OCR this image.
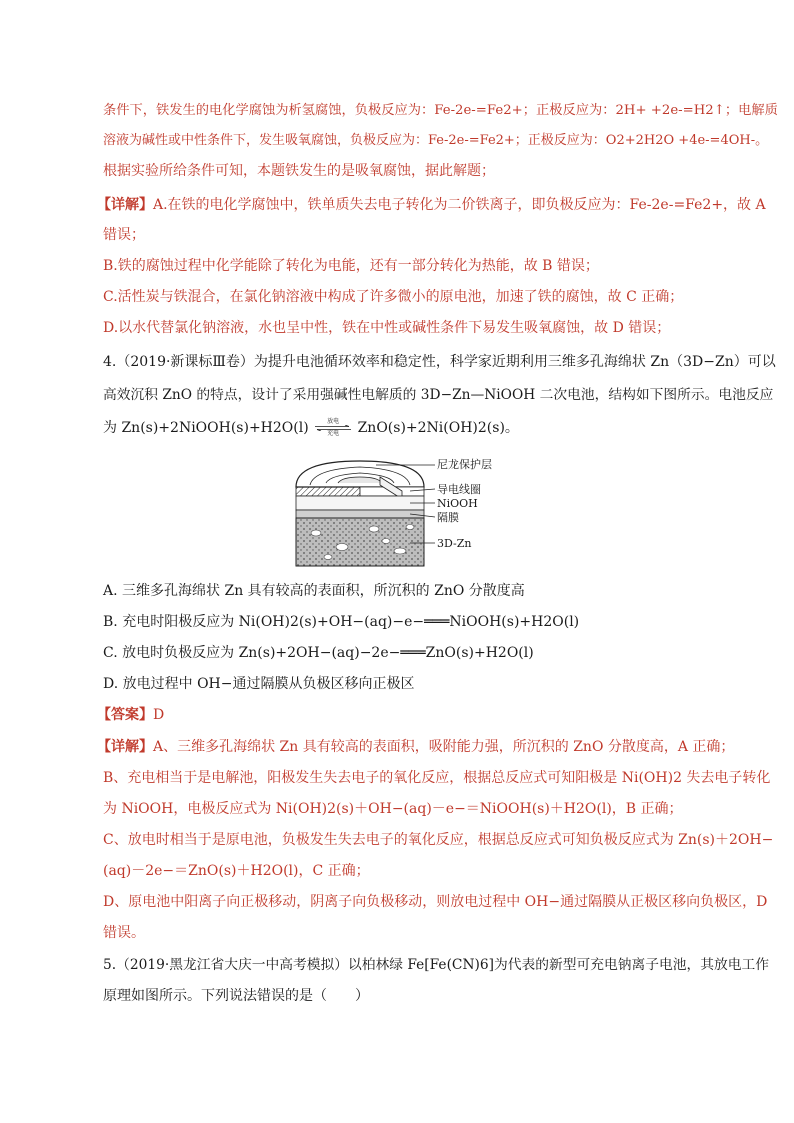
条件下，铁发生的电化学腐蚀为析氢腐蚀，负极反应为：Fe-2e-=Fe2+；正极反应为：2H+ +2e-=H2↑；电解质
溶液为碱性或中性条件下，发生吸氧腐蚀，负极反应为：Fe-2e-=Fe2+；正极反应为：O2+2H2O +4e-=4OH-。
根据实验所给条件可知，本题铁发生的是吸氧腐蚀，据此解题；
【详解】A.在铁的电化学腐蚀中，铁单质失去电子转化为二价铁离子，即负极反应为：Fe-2e-=Fe2+，故 A
错误；
B.铁的腐蚀过程中化学能除了转化为电能，还有一部分转化为热能，故 B 错误；
C.活性炭与铁混合，在氯化钠溶液中构成了许多微小的原电池，加速了铁的腐蚀，故 C 正确；
D.以水代替氯化钠溶液，水也呈中性，铁在中性或碱性条件下易发生吸氧腐蚀，故 D 错误；
4.（2019·新课标Ⅲ卷）为提升电池循环效率和稳定性，科学家近期利用三维多孔海绵状 Zn（3D−Zn）可以
高效沉积 ZnO 的特点，设计了采用强碱性电解质的 3D−Zn—NiOOH 二次电池，结构如下图所示。电池反应
为 Zn(s)+2NiOOH(s)+H2O(l)	放电
充电	ZnO(s)+2Ni(OH)2(s)。
尼龙保护层
导电线圈
NiOOH
隔膜
3D-Zn
A. 三维多孔海绵状 Zn 具有较高的表面积，所沉积的 ZnO 分散度高
B. 充电时阳极反应为 Ni(OH)2(s)+OH−(aq)−e−═══NiOOH(s)+H2O(l)
C. 放电时负极反应为 Zn(s)+2OH−(aq)−2e−═══ZnO(s)+H2O(l)
D. 放电过程中 OH−通过隔膜从负极区移向正极区
【答案】D
【详解】A、三维多孔海绵状 Zn 具有较高的表面积，吸附能力强，所沉积的 ZnO 分散度高，A 正确；
B、充电相当于是电解池，阳极发生失去电子的氧化反应，根据总反应式可知阳极是 Ni(OH)2 失去电子转化
为 NiOOH，电极反应式为 Ni(OH)2(s)＋OH−(aq)－e−＝NiOOH(s)＋H2O(l)，B 正确；
C、放电时相当于是原电池，负极发生失去电子的氧化反应，根据总反应式可知负极反应式为 Zn(s)＋2OH−
(aq)－2e−＝ZnO(s)＋H2O(l)，C 正确；
D、原电池中阳离子向正极移动，阴离子向负极移动，则放电过程中 OH−通过隔膜从正极区移向负极区，D
错误。
5.（2019·黑龙江省大庆一中高考模拟）以柏林绿 Fe[Fe(CN)6]为代表的新型可充电钠离子电池，其放电工作
原理如图所示。下列说法错误的是（　　）
